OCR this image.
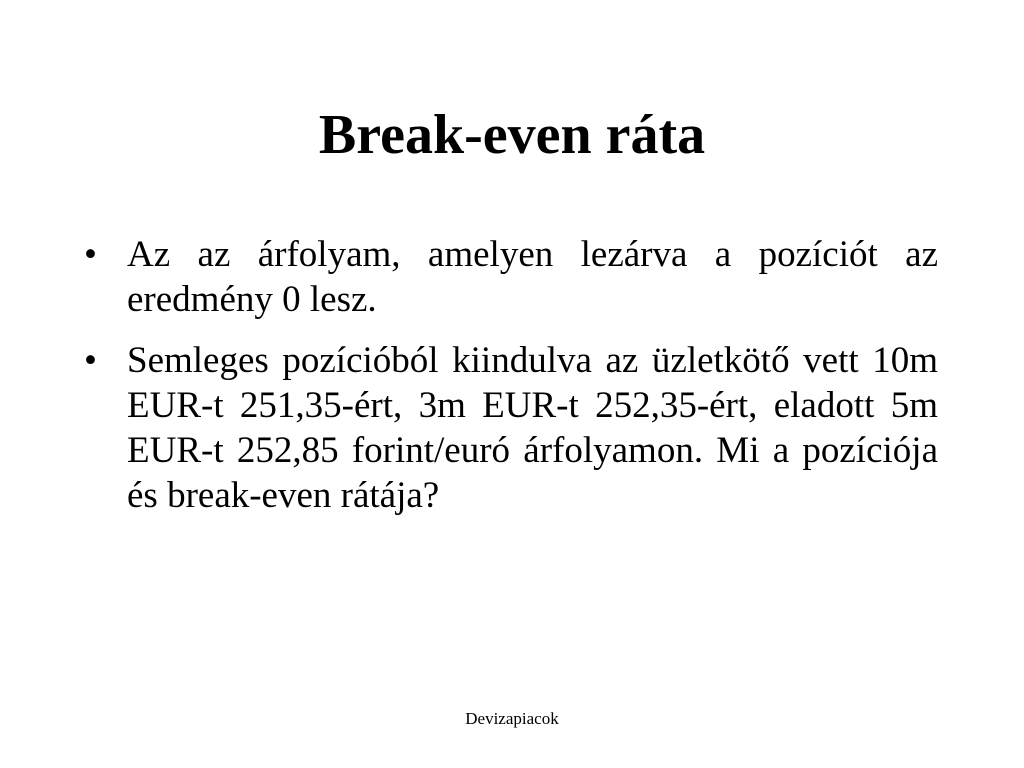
Break-even ráta
• Az az árfolyam, amelyen lezárva a pozíciót az eredmény 0 lesz.
• Semleges pozícióból kiindulva az üzletkötő vett 10m EUR-t 251,35-ért, 3m EUR-t 252,35-ért, eladott 5m EUR-t 252,85 forint/euró árfolyamon. Mi a pozíciója és break-even rátája?
Devizapiacok
